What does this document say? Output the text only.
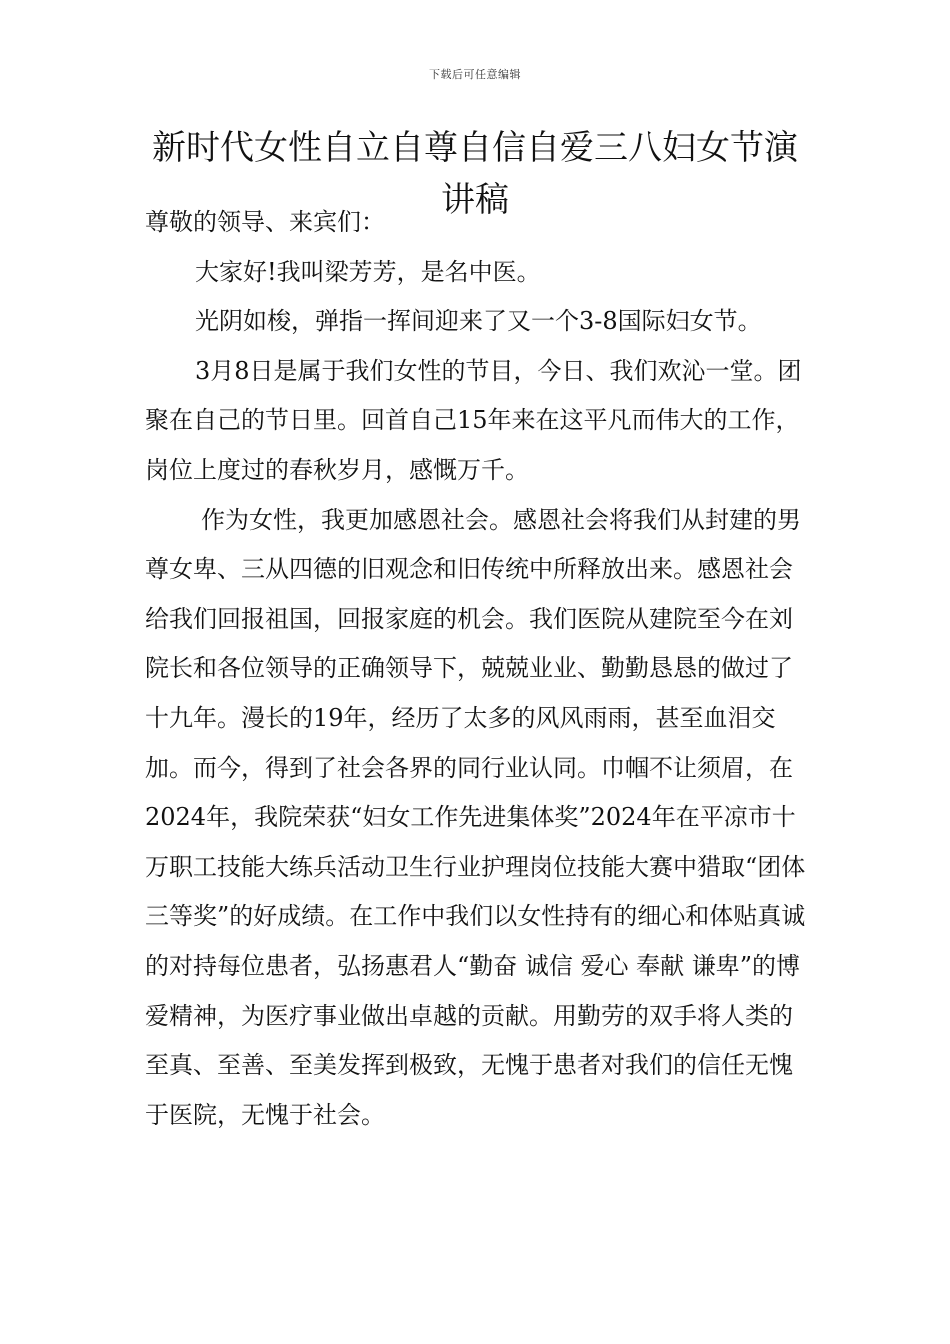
下载后可任意编辑
新时代女性自立自尊自信自爱三八妇女节演讲稿

尊敬的领导、来宾们：

大家好!我叫梁芳芳，是名中医。

光阴如梭，弹指一挥间迎来了又一个3-8国际妇女节。

3月8日是属于我们女性的节目，今日、我们欢沁一堂。团聚在自己的节日里。回首自己15年来在这平凡而伟大的工作，岗位上度过的春秋岁月，感慨万千。

作为女性，我更加感恩社会。感恩社会将我们从封建的男尊女卑、三从四德的旧观念和旧传统中所释放出来。感恩社会给我们回报祖国，回报家庭的机会。我们医院从建院至今在刘院长和各位领导的正确领导下，兢兢业业、勤勤恳恳的做过了十九年。漫长的19年，经历了太多的风风雨雨，甚至血泪交加。而今，得到了社会各界的同行业认同。巾帼不让须眉，在2024年，我院荣获“妇女工作先进集体奖”2024年在平凉市十万职工技能大练兵活动卫生行业护理岗位技能大赛中猎取“团体三等奖”的好成绩。在工作中我们以女性持有的细心和体贴真诚的对持每位患者，弘扬惠君人“勤奋 诚信 爱心 奉献 谦卑”的博爱精神，为医疗事业做出卓越的贡献。用勤劳的双手将人类的至真、至善、至美发挥到极致，无愧于患者对我们的信任无愧于医院，无愧于社会。
